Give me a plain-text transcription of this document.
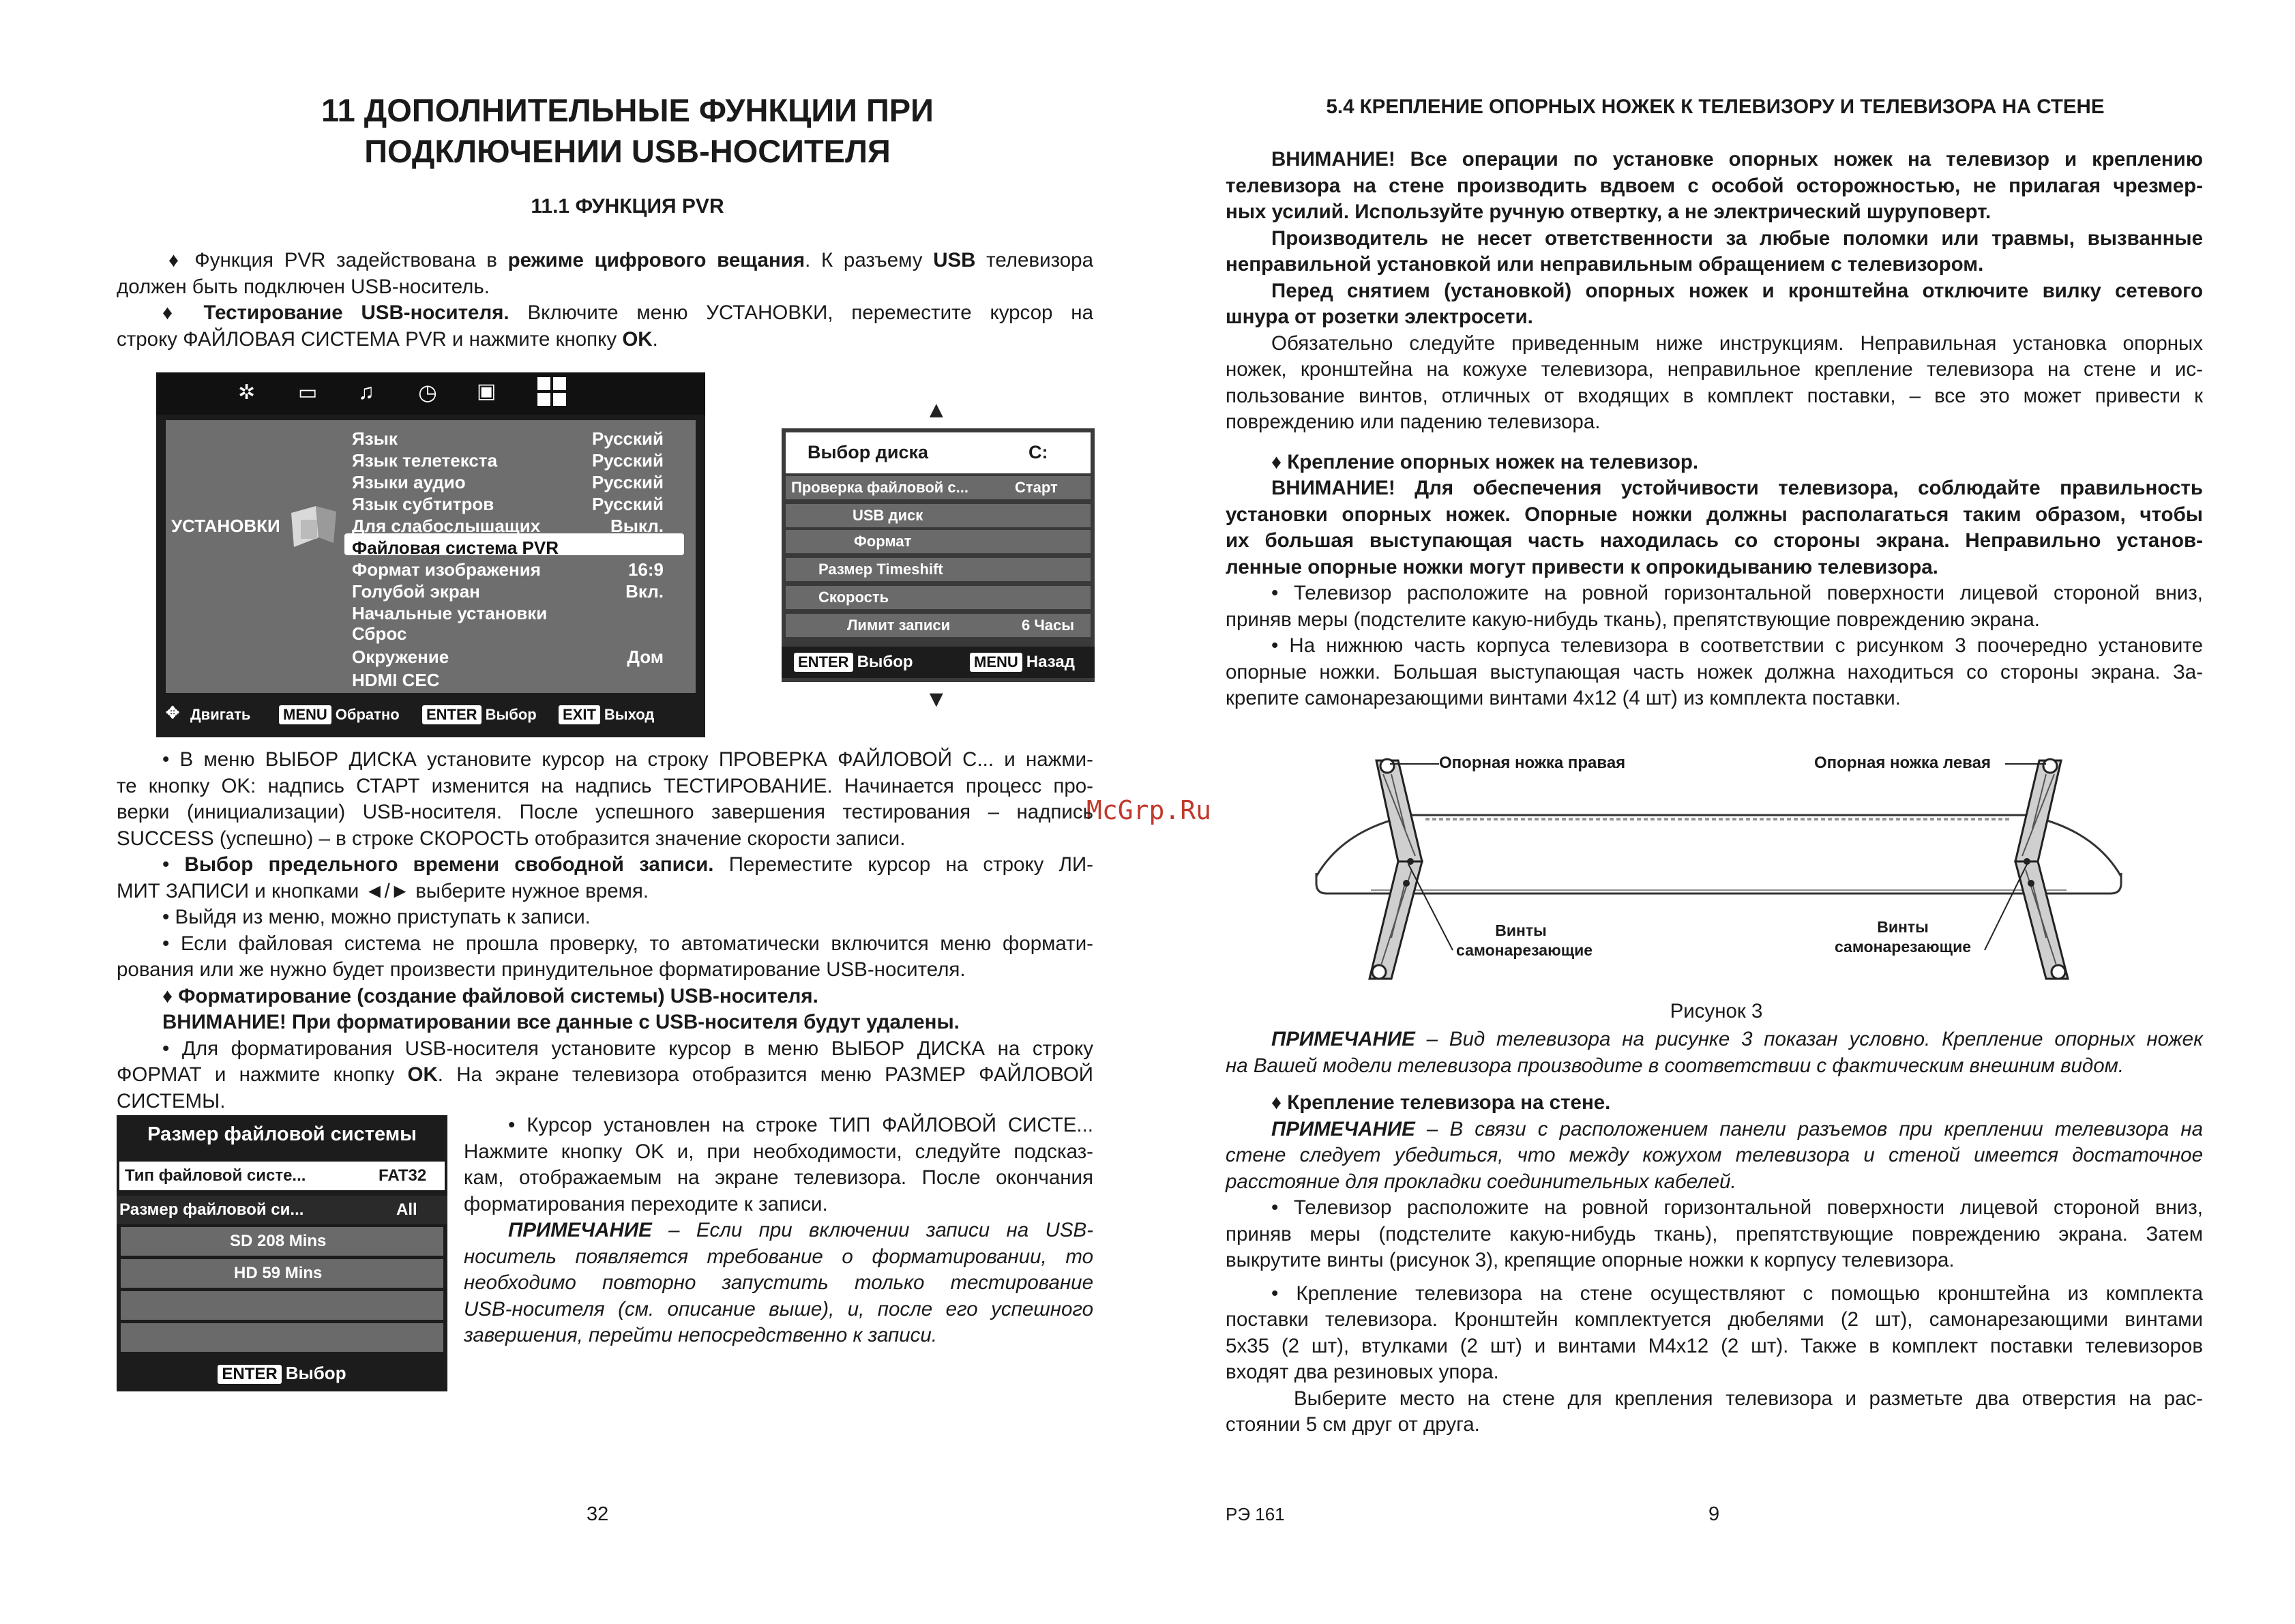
11 ДОПОЛНИТЕЛЬНЫЕ ФУНКЦИИ ПРИ
ПОДКЛЮЧЕНИИ USB-НОСИТЕЛЯ
11.1 ФУНКЦИЯ PVR

♦ Функция PVR задействована в режиме цифрового вещания. К разъему USB телевизора

должен быть подключен USB-носитель.

♦ Тестирование USB-носителя. Включите меню УСТАНОВКИ, переместите курсор на

строку ФАЙЛОВАЯ СИСТЕМА PVR и нажмите кнопку OK.

✲ ▭ ♫ ◷ ▣
УСТАНОВКИ
Язык	Русский
Язык телетекста	Русский
Языки аудио	Русский
Язык субтитров	Русский
Для слабослышащих	Выкл.
Файловая система PVR
Формат изображения	16:9
Голубой экран	Вкл.
Начальные установки
Сброс
Окружение	Дом
HDMI CEC
✥ Двигать MENU Обратно ENTER Выбор EXIT Выход
▲
Выбор диска	C:
Проверка файловой с...	Старт
USB диск
Формат
Размер Timeshift
Скорость
Лимит записи	6 Часы
ENTER Выбор	MENU Назад
▼
McGrp.Ru

• В меню ВЫБОР ДИСКА установите курсор на строку ПРОВЕРКА ФАЙЛОВОЙ С... и нажми-

те кнопку OK: надпись СТАРТ изменится на надпись ТЕСТИРОВАНИЕ. Начинается процесс про-

верки (инициализации) USB-носителя. После успешного завершения тестирования – надпись

SUCCESS (успешно) – в строке СКОРОСТЬ отобразится значение скорости записи.

• Выбор предельного времени свободной записи. Переместите курсор на строку ЛИ-

МИТ ЗАПИСИ и кнопками ◄/► выберите нужное время.

• Выйдя из меню, можно приступать к записи.

• Если файловая система не прошла проверку, то автоматически включится меню формати-

рования или же нужно будет произвести принудительное форматирование USB-носителя.

♦ Форматирование (создание файловой системы) USB-носителя.

ВНИМАНИЕ! При форматировании все данные с USB-носителя будут удалены.

• Для форматирования USB-носителя установите курсор в меню ВЫБОР ДИСКА на строку

ФОРМАТ и нажмите кнопку OK. На экране телевизора отобразится меню РАЗМЕР ФАЙЛОВОЙ

СИСТЕМЫ.

Размер файловой системы
Тип файловой систе...	FAT32
Размер файловой си...	All
SD 208 Mins
HD 59 Mins
ENTER Выбор

• Курсор установлен на строке ТИП ФАЙЛОВОЙ СИСТЕ...

Нажмите кнопку OK и, при необходимости, следуйте подсказ-

кам, отображаемым на экране телевизора. После окончания

форматирования переходите к записи.

ПРИМЕЧАНИЕ – Если при включении записи на USB-

носитель появляется требование о форматировании, то

необходимо повторно запустить только тестирование

USB-носителя (см. описание выше), и, после его успешного

завершения, перейти непосредственно к записи.

32
5.4 КРЕПЛЕНИЕ ОПОРНЫХ НОЖЕК К ТЕЛЕВИЗОРУ И ТЕЛЕВИЗОРА НА СТЕНЕ

ВНИМАНИЕ! Все операции по установке опорных ножек на телевизор и креплению

телевизора на стене производить вдвоем с особой осторожностью, не прилагая чрезмер-

ных усилий. Используйте ручную отвертку, а не электрический шуруповерт.

Производитель не несет ответственности за любые поломки или травмы, вызванные

неправильной установкой или неправильным обращением с телевизором.

Перед снятием (установкой) опорных ножек и кронштейна отключите вилку сетевого

шнура от розетки электросети.

Обязательно следуйте приведенным ниже инструкциям. Неправильная установка опорных

ножек, кронштейна на кожухе телевизора, неправильное крепление телевизора на стене и ис-

пользование винтов, отличных от входящих в комплект поставки, – все это может привести к

повреждению или падению телевизора.

♦ Крепление опорных ножек на телевизор.

ВНИМАНИЕ! Для обеспечения устойчивости телевизора, соблюдайте правильность

установки опорных ножек. Опорные ножки должны располагаться таким образом, чтобы

их большая выступающая часть находилась со стороны экрана. Неправильно установ-

ленные опорные ножки могут привести к опрокидыванию телевизора.

• Телевизор расположите на ровной горизонтальной поверхности лицевой стороной вниз,

приняв меры (подстелите какую-нибудь ткань), препятствующие повреждению экрана.

• На нижнюю часть корпуса телевизора в соответствии с рисунком 3 поочередно установите

опорные ножки. Большая выступающая часть ножек должна находиться со стороны экрана. За-

крепите самонарезающими винтами 4х12 (4 шт) из комплекта поставки.

Опорная ножка правая	Опорная ножка левая
Винты
самонарезающие
Винты
самонарезающие
Рисунок 3

ПРИМЕЧАНИЕ – Вид телевизора на рисунке 3 показан условно. Крепление опорных ножек

на Вашей модели телевизора производите в соответствии с фактическим внешним видом.

♦ Крепление телевизора на стене.

ПРИМЕЧАНИЕ – В связи с расположением панели разъемов при креплении телевизора на

стене следует убедиться, что между кожухом телевизора и стеной имеется достаточное

расстояние для прокладки соединительных кабелей.

• Телевизор расположите на ровной горизонтальной поверхности лицевой стороной вниз,

приняв меры (подстелите какую-нибудь ткань), препятствующие повреждению экрана. Затем

выкрутите винты (рисунок 3), крепящие опорные ножки к корпусу телевизора.

• Крепление телевизора на стене осуществляют с помощью кронштейна из комплекта

поставки телевизора. Кронштейн комплектуется дюбелями (2 шт), самонарезающими винтами

5х35 (2 шт), втулками (2 шт) и винтами М4х12 (2 шт). Также в комплект поставки телевизоров

входят два резиновых упора.

Выберите место на стене для крепления телевизора и разметьте два отверстия на рас-

стоянии 5 см друг от друга.

РЭ 161	9
